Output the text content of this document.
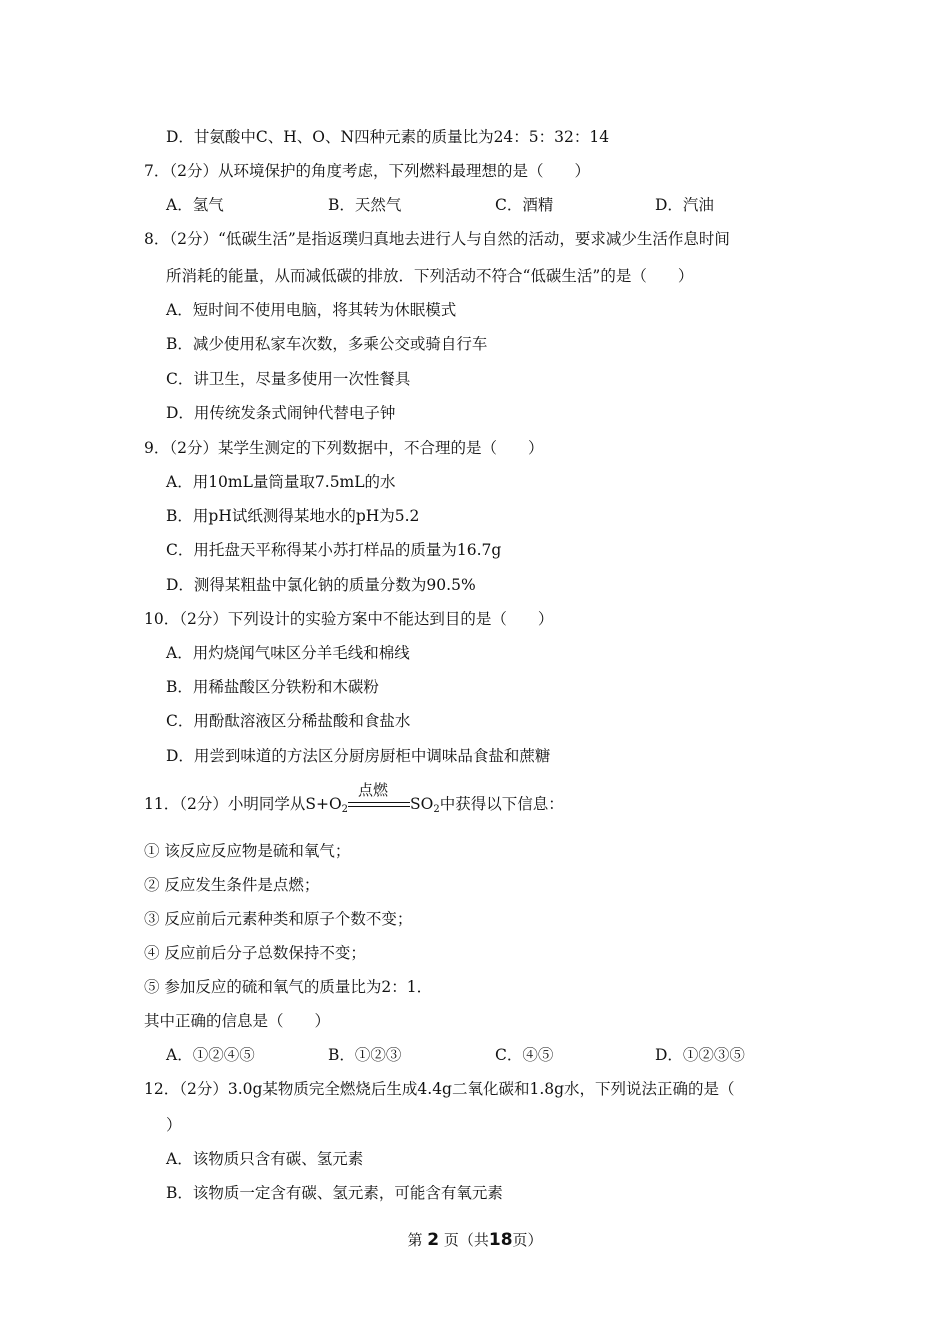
D．甘氨酸中C、H、O、N四种元素的质量比为24：5：32：14
7．（2分）从环境保护的角度考虑，下列燃料最理想的是（　　）
A．氢气	B．天然气	C．酒精	D．汽油
8．（2分）“低碳生活”是指返璞归真地去进行人与自然的活动，要求减少生活作息时间
所消耗的能量，从而减低碳的排放．下列活动不符合“低碳生活”的是（　　）
A．短时间不使用电脑，将其转为休眠模式
B．减少使用私家车次数，多乘公交或骑自行车
C．讲卫生，尽量多使用一次性餐具
D．用传统发条式闹钟代替电子钟
9．（2分）某学生测定的下列数据中，不合理的是（　　）
A．用10mL量筒量取7.5mL的水
B．用pH试纸测得某地水的pH为5.2
C．用托盘天平称得某小苏打样品的质量为16.7g
D．测得某粗盐中氯化钠的质量分数为90.5%
10．（2分）下列设计的实验方案中不能达到目的是（　　）
A．用灼烧闻气味区分羊毛线和棉线
B．用稀盐酸区分铁粉和木碳粉
C．用酚酞溶液区分稀盐酸和食盐水
D．用尝到味道的方法区分厨房厨柜中调味品食盐和蔗糖
11．（2分）小明同学从$S+O_2$
点燃
$SO_2$中获得以下信息：
① 该反应反应物是硫和氧气；
② 反应发生条件是点燃；
③ 反应前后元素种类和原子个数不变；
④ 反应前后分子总数保持不变；
⑤ 参加反应的硫和氧气的质量比为2：1．
其中正确的信息是（　　）
A．①②④⑤	B．①②③	C．④⑤	D．①②③⑤
12．（2分）3.0g某物质完全燃烧后生成4.4g二氧化碳和1.8g水，下列说法正确的是（
）
A．该物质只含有碳、氢元素
B．该物质一定含有碳、氢元素，可能含有氧元素
第 2 页（共18页）
